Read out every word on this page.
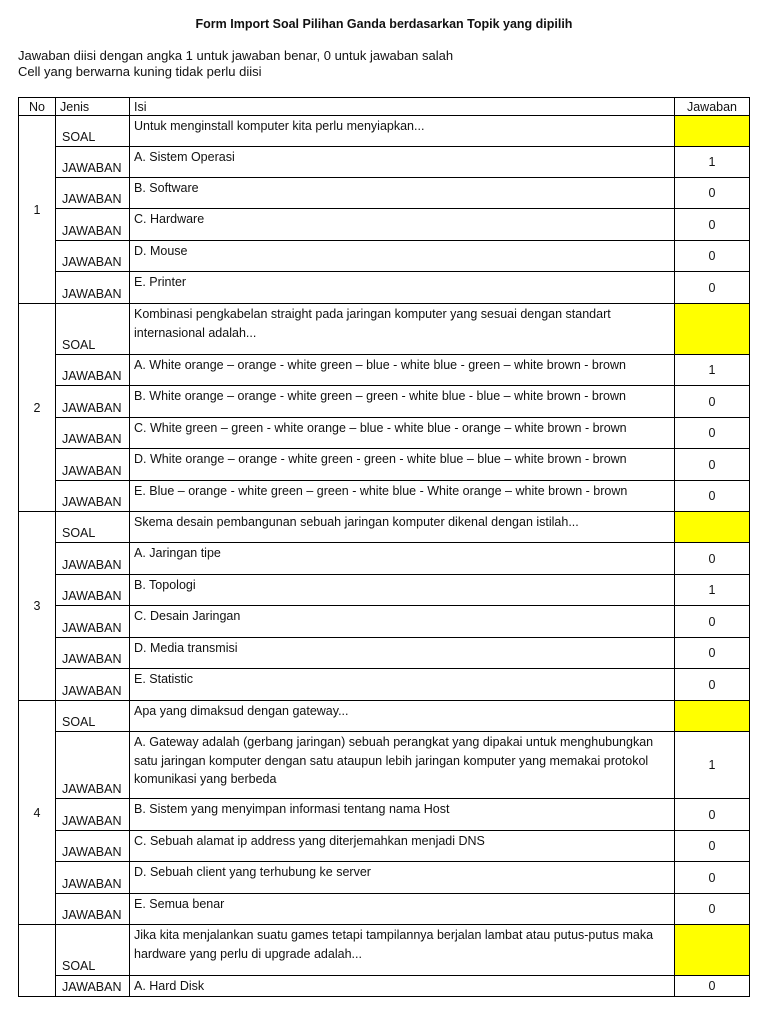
Form Import Soal Pilihan Ganda berdasarkan Topik yang dipilih
Jawaban diisi dengan angka 1 untuk jawaban benar, 0 untuk jawaban salah
Cell yang berwarna kuning tidak perlu diisi
No	Jenis	Isi	Jawaban
1	SOAL	Untuk menginstall komputer kita perlu menyiapkan...	
	JAWABAN	A. Sistem Operasi	1
	JAWABAN	B. Software	0
	JAWABAN	C. Hardware	0
	JAWABAN	D. Mouse	0
	JAWABAN	E. Printer	0
2	SOAL	Kombinasi pengkabelan straight pada jaringan komputer yang sesuai dengan standart internasional adalah...	
	JAWABAN	A. White orange – orange - white green – blue - white blue - green – white brown - brown	1
	JAWABAN	B. White orange – orange - white green – green - white blue - blue – white brown - brown	0
	JAWABAN	C. White green – green - white orange – blue - white blue - orange – white brown - brown	0
	JAWABAN	D. White orange – orange - white green - green - white blue – blue – white brown - brown	0
	JAWABAN	E. Blue – orange - white green – green - white blue - White orange – white brown - brown	0
3	SOAL	Skema desain pembangunan sebuah jaringan komputer dikenal dengan istilah...	
	JAWABAN	A. Jaringan tipe	0
	JAWABAN	B. Topologi	1
	JAWABAN	C. Desain Jaringan	0
	JAWABAN	D. Media transmisi	0
	JAWABAN	E. Statistic	0
4	SOAL	Apa yang dimaksud dengan gateway...	
	JAWABAN	A. Gateway adalah (gerbang jaringan) sebuah perangkat yang dipakai untuk menghubungkan satu jaringan komputer dengan satu ataupun lebih jaringan komputer yang memakai protokol komunikasi yang berbeda	1
	JAWABAN	B. Sistem yang menyimpan informasi tentang nama Host	0
	JAWABAN	C. Sebuah alamat ip address yang diterjemahkan menjadi DNS	0
	JAWABAN	D. Sebuah client yang terhubung ke server	0
	JAWABAN	E. Semua benar	0
	SOAL	Jika kita menjalankan suatu games tetapi tampilannya berjalan lambat atau putus-putus maka hardware yang perlu di upgrade adalah...	
	JAWABAN	A. Hard Disk	0
